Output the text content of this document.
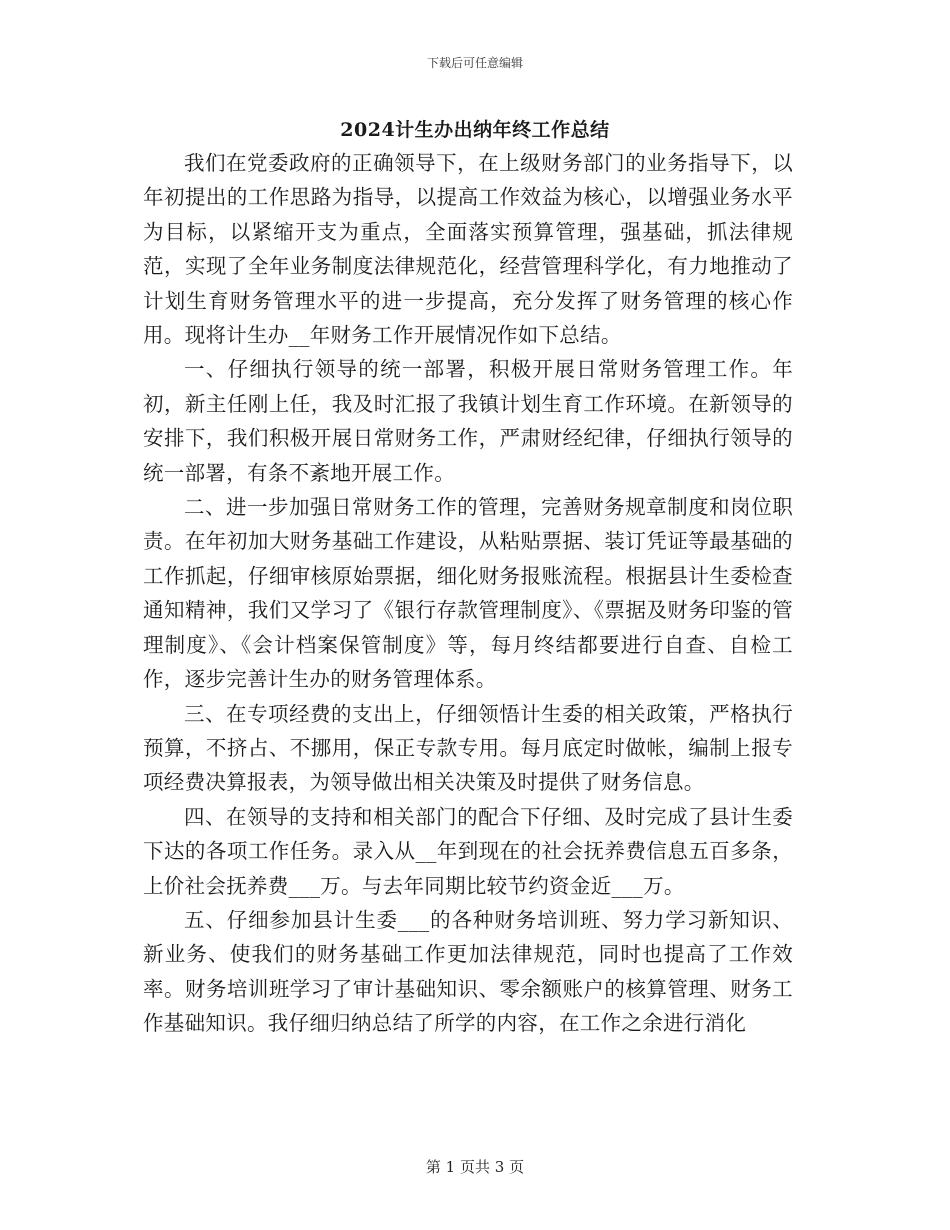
下载后可任意编辑
2024计生办出纳年终工作总结

我们在党委政府的正确领导下，在上级财务部门的业务指导下，以年初提出的工作思路为指导，以提高工作效益为核心，以增强业务水平为目标，以紧缩开支为重点，全面落实预算管理，强基础，抓法律规范，实现了全年业务制度法律规范化，经营管理科学化，有力地推动了计划生育财务管理水平的进一步提高，充分发挥了财务管理的核心作用。现将计生办__年财务工作开展情况作如下总结。

一、仔细执行领导的统一部署，积极开展日常财务管理工作。年初，新主任刚上任，我及时汇报了我镇计划生育工作环境。在新领导的安排下，我们积极开展日常财务工作，严肃财经纪律，仔细执行领导的统一部署，有条不紊地开展工作。

二、进一步加强日常财务工作的管理，完善财务规章制度和岗位职责。在年初加大财务基础工作建设，从粘贴票据、装订凭证等最基础的工作抓起，仔细审核原始票据，细化财务报账流程。根据县计生委检查通知精神，我们又学习了《银行存款管理制度》、《票据及财务印鉴的管理制度》、《会计档案保管制度》等，每月终结都要进行自查、自检工作，逐步完善计生办的财务管理体系。

三、在专项经费的支出上，仔细领悟计生委的相关政策，严格执行预算，不挤占、不挪用，保正专款专用。每月底定时做帐，编制上报专项经费决算报表，为领导做出相关决策及时提供了财务信息。

四、在领导的支持和相关部门的配合下仔细、及时完成了县计生委下达的各项工作任务。录入从__年到现在的社会抚养费信息五百多条，上价社会抚养费___万。与去年同期比较节约资金近___万。

五、仔细参加县计生委___的各种财务培训班、努力学习新知识、新业务、使我们的财务基础工作更加法律规范，同时也提高了工作效率。财务培训班学习了审计基础知识、零余额账户的核算管理、财务工作基础知识。我仔细归纳总结了所学的内容，在工作之余进行消化

第 1 页共 3 页
